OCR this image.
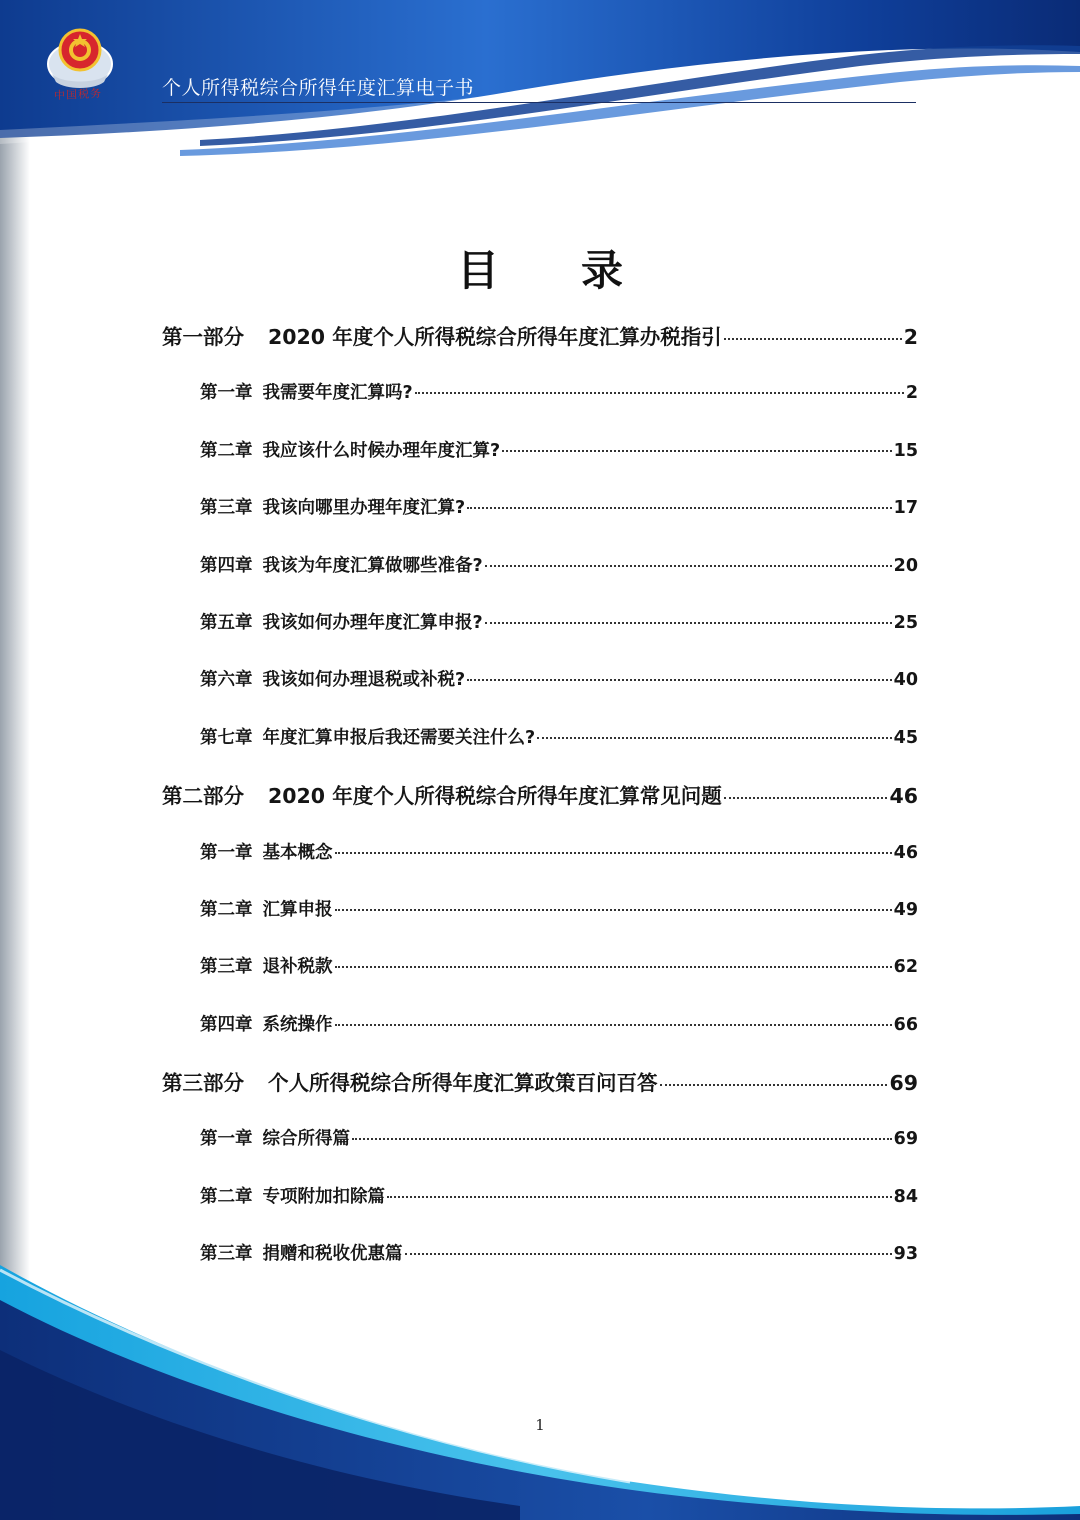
中国税务	个人所得税综合所得年度汇算电子书
目 录
第一部分 2020 年度个人所得税综合所得年度汇算办税指引	2
第一章 我需要年度汇算吗?	2
第二章 我应该什么时候办理年度汇算?	15
第三章 我该向哪里办理年度汇算?	17
第四章 我该为年度汇算做哪些准备?	20
第五章 我该如何办理年度汇算申报?	25
第六章 我该如何办理退税或补税?	40
第七章 年度汇算申报后我还需要关注什么?	45
第二部分 2020 年度个人所得税综合所得年度汇算常见问题	46
第一章 基本概念	46
第二章 汇算申报	49
第三章 退补税款	62
第四章 系统操作	66
第三部分 个人所得税综合所得年度汇算政策百问百答	69
第一章 综合所得篇	69
第二章 专项附加扣除篇	84
第三章 捐赠和税收优惠篇	93
1
